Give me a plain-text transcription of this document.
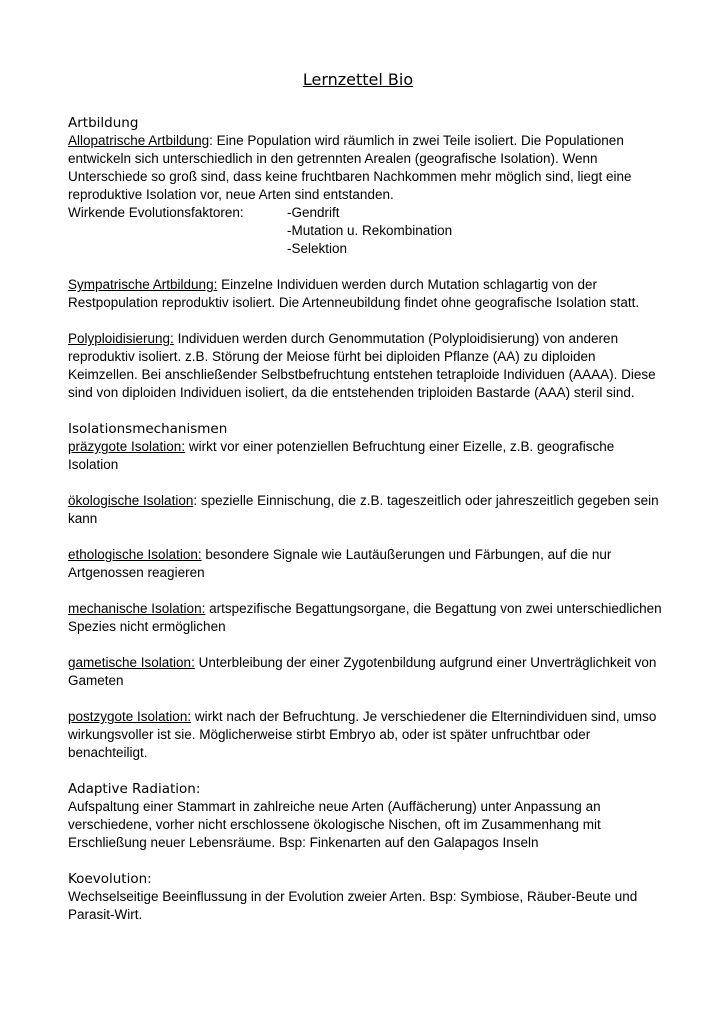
Lernzettel Bio
Artbildung

Allopatrische Artbildung: Eine Population wird räumlich in zwei Teile isoliert. Die Populationen entwickeln sich unterschiedlich in den getrennten Arealen (geografische Isolation). Wenn Unterschiede so groß sind, dass keine fruchtbaren Nachkommen mehr möglich sind, liegt eine reproduktive Isolation vor, neue Arten sind entstanden.

Wirkende Evolutionsfaktoren:	-Gendrift
-Mutation u. Rekombination
-Selektion

Sympatrische Artbildung: Einzelne Individuen werden durch Mutation schlagartig von der Restpopulation reproduktiv isoliert. Die Artenneubildung findet ohne geografische Isolation statt.

Polyploidisierung: Individuen werden durch Genommutation (Polyploidisierung) von anderen reproduktiv isoliert. z.B. Störung der Meiose fürht bei diploiden Pflanze (AA) zu diploiden Keimzellen. Bei anschließender Selbstbefruchtung entstehen tetraploide Individuen (AAAA). Diese sind von diploiden Individuen isoliert, da die entstehenden triploiden Bastarde (AAA) steril sind.

Isolationsmechanismen

präzygote Isolation: wirkt vor einer potenziellen Befruchtung einer Eizelle, z.B. geografische Isolation

ökologische Isolation: spezielle Einnischung, die z.B. tageszeitlich oder jahreszeitlich gegeben sein kann

ethologische Isolation: besondere Signale wie Lautäußerungen und Färbungen, auf die nur Artgenossen reagieren

mechanische Isolation: artspezifische Begattungsorgane, die Begattung von zwei unterschiedlichen Spezies nicht ermöglichen

gametische Isolation: Unterbleibung der einer Zygotenbildung aufgrund einer Unverträglichkeit von Gameten

postzygote Isolation: wirkt nach der Befruchtung. Je verschiedener die Elternindividuen sind, umso wirkungsvoller ist sie. Möglicherweise stirbt Embryo ab, oder ist später unfruchtbar oder benachteiligt.

Adaptive Radiation:

Aufspaltung einer Stammart in zahlreiche neue Arten (Auffächerung) unter Anpassung an verschiedene, vorher nicht erschlossene ökologische Nischen, oft im Zusammenhang mit Erschließung neuer Lebensräume. Bsp: Finkenarten auf den Galapagos Inseln

Koevolution:

Wechselseitige Beeinflussung in der Evolution zweier Arten. Bsp: Symbiose, Räuber-Beute und Parasit-Wirt.
